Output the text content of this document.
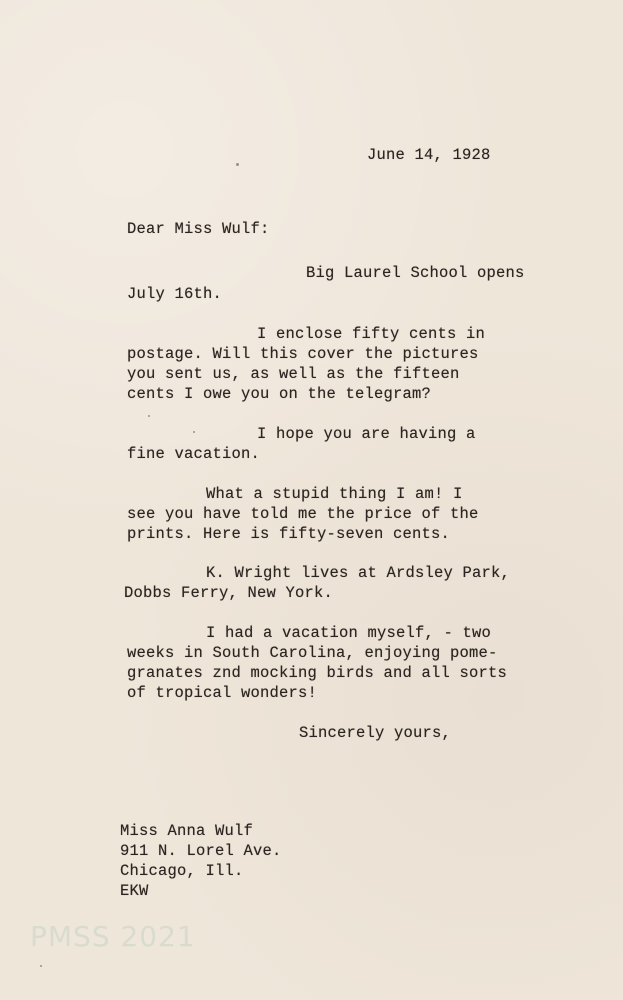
June 14, 1928
Dear Miss Wulf:
Big Laurel School opens
July 16th.
I enclose fifty cents in
postage. Will this cover the pictures
you sent us, as well as the fifteen
cents I owe you on the telegram?
I hope you are having a
fine vacation.
What a stupid thing I am! I
see you have told me the price of the
prints. Here is fifty-seven cents.
K. Wright lives at Ardsley Park,
Dobbs Ferry, New York.
I had a vacation myself, - two
weeks in South Carolina, enjoying pome-
granates znd mocking birds and all sorts
of tropical wonders!
Sincerely yours,
Miss Anna Wulf
911 N. Lorel Ave.
Chicago, Ill.
EKW
PMSS 2021
